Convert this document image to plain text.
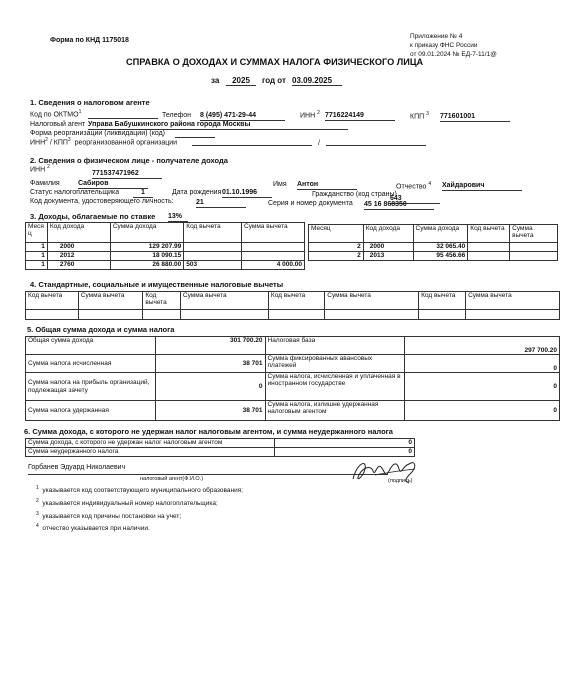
Форма по КНД 1175018
Приложение № 4
к приказу ФНС России
от 09.01.2024 № ЕД-7-11/1@
СПРАВКА О ДОХОДАХ И СУММАХ НАЛОГА ФИЗИЧЕСКОГО ЛИЦА
за	2025	год от 03.09.2025
1. Сведения о налоговом агенте
Код по ОКТМО$^1$	Телефон 8 (495) 471-29-44	ИНН $^2$ 7716224149	КПП $^3$ 771601001
Налоговый агент Управа Бабушкинского района города Москвы
Форма реорганизации (ликвидации) (код)
ИНН$^2$ / КПП$^3$ реорганизованной организации	/
2. Сведения о физическом лице - получателе дохода
ИНН $^2$
771537471962
Фамилия	Сабиров	Имя Антон	Отчество $^4$ Хайдарович
Статус налогоплательщика	1	Дата рождения 01.10.1996	Гражданство (код страны)
643
Код документа, удостоверяющего личность:	21	Серия и номер документа 45 16 868350
3. Доходы, облагаемые по ставке 13%
Меся ц	Код дохода	Сумма дохода	Код вычета	Сумма вычета
1	2000	129 207.99		
1	2012	18 090.15		
1	2760	26 880.00	503	4 000.00
Месяц	Код дохода	Сумма дохода	Код вычета	Сумма вычета
2	2000	32 065.40		
2	2013	95 456.66		

4. Стандартные, социальные и имущественные налоговые вычеты
Код вычета	Сумма вычета	Код вычета	Сумма вычета	Код вычета	Сумма вычета	Код вычета	Сумма вычета

5. Общая сумма дохода и сумма налога
Общая сумма дохода	301 700.20	Налоговая база	297 700.20
Сумма налога исчисленная	38 701	Сумма фиксированных авансовых платежей	0
Сумма налога на прибыль организаций, подлежащая зачету	0	Сумма налога, исчисленная и уплаченная в иностранном государстве	0
Сумма налога удержанная	38 701	Сумма налога, излишне удержанная налоговым агентом	0
6. Сумма дохода, с которого не удержан налог налоговым агентом, и сумма неудержанного налога
Сумма дохода, с которого не удержан налог налоговым агентом	0
Сумма неудержанного налога	0
Горбанев Эдуард Николаевич
налоговый агент(Ф.И.О.)	(подпись)
$^1$ указывается код соответствующего муниципального образования;
$^2$ указывается индивидуальный номер налогоплательщика;
$^3$ указывается код причины постановки на учет;
$^4$ отчество указывается при наличии.
